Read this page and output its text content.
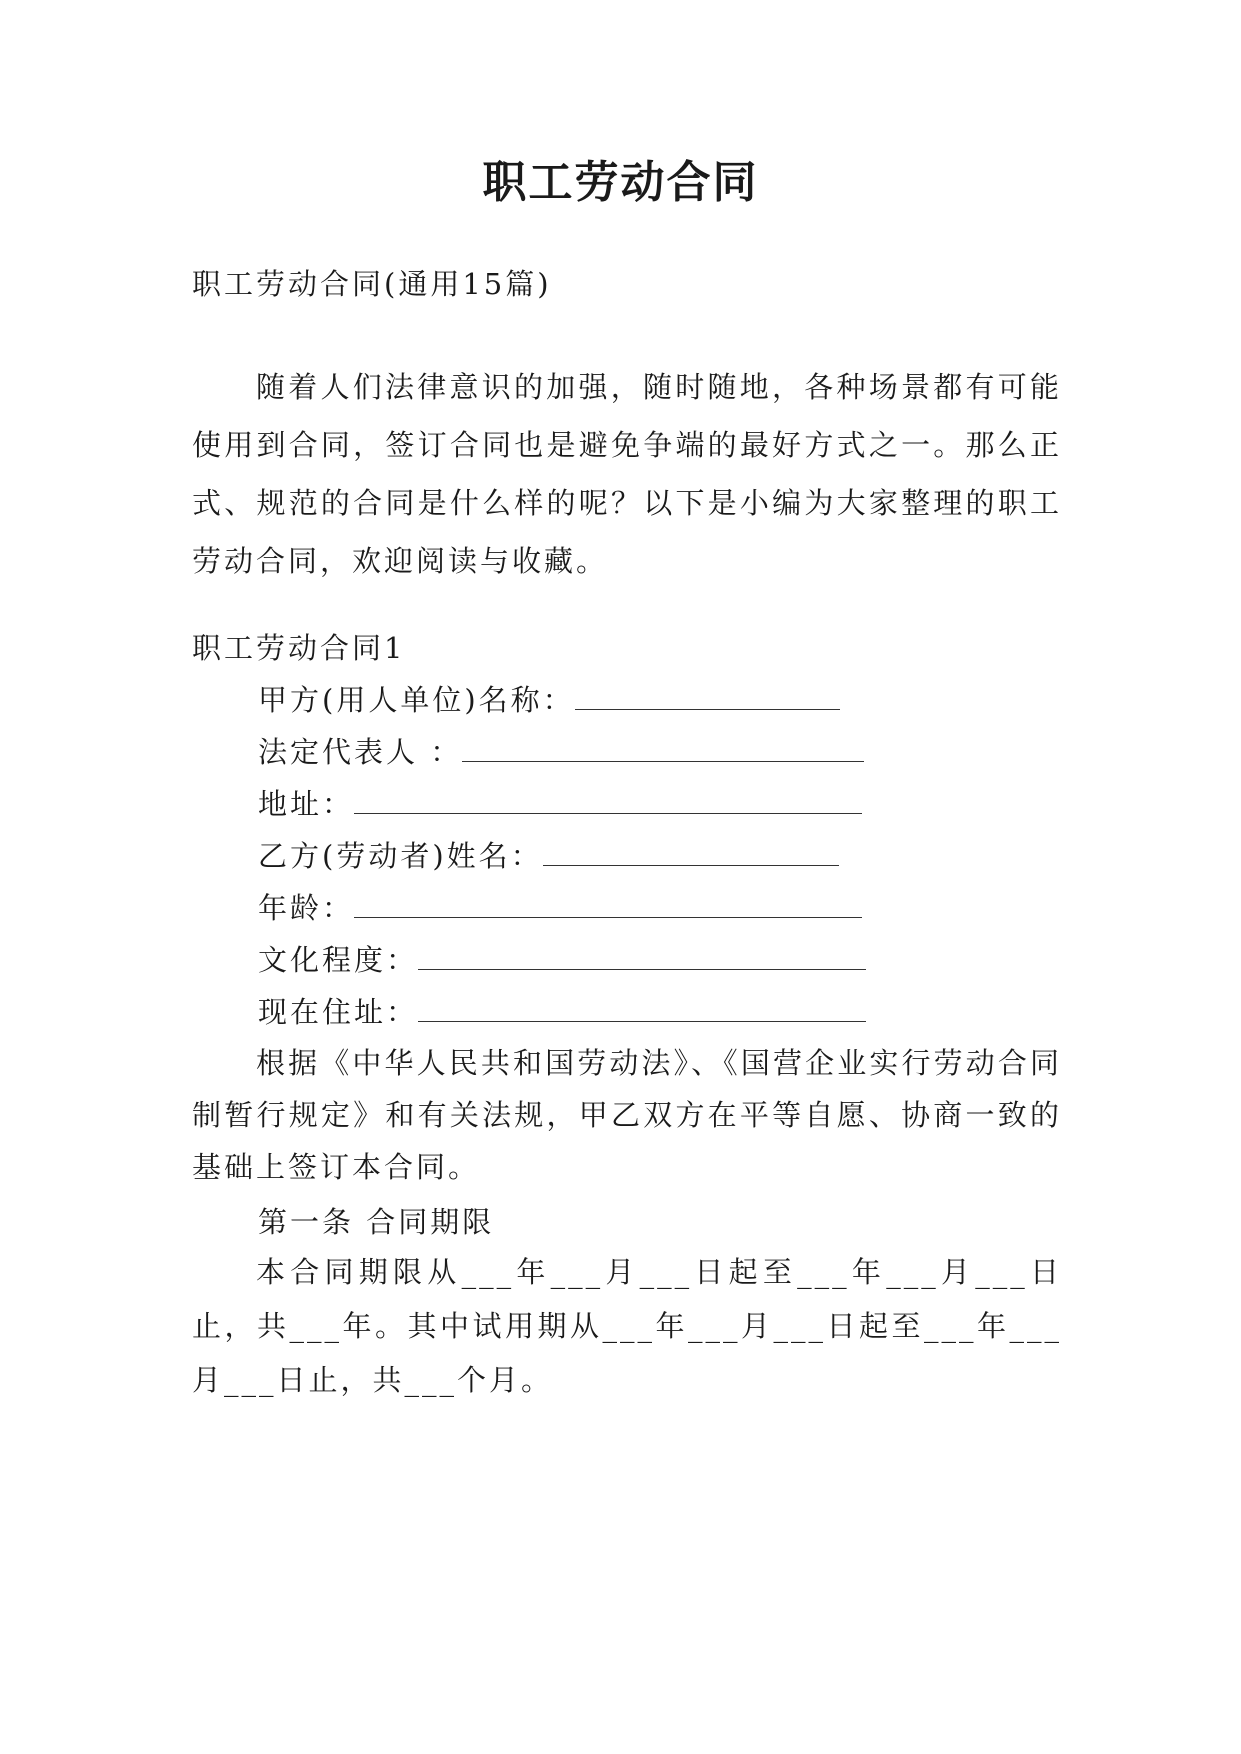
职工劳动合同
职工劳动合同(通用15篇)
随着人们法律意识的加强，随时随地，各种场景都有可能使用到合同，签订合同也是避免争端的最好方式之一。那么正式、规范的合同是什么样的呢？以下是小编为大家整理的职工劳动合同，欢迎阅读与收藏。
职工劳动合同1
甲方(用人单位)名称：
法定代表人 ：
地址：
乙方(劳动者)姓名：
年龄：
文化程度：
现在住址：
根据《中华人民共和国劳动法》、《国营企业实行劳动合同制暂行规定》和有关法规，甲乙双方在平等自愿、协商一致的基础上签订本合同。
第一条 合同期限
本合同期限从___年___月___日起至___年___月___日止，共___年。其中试用期从___年___月___日起至___年___月___日止，共___个月。
